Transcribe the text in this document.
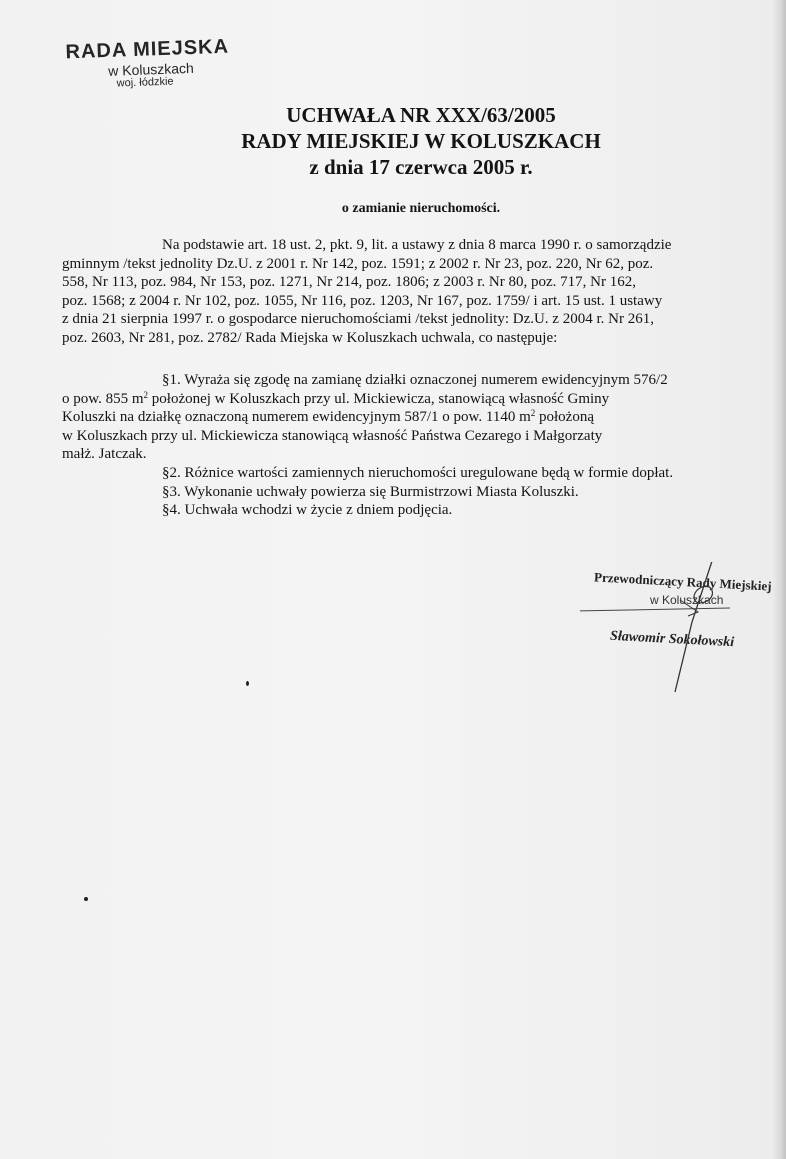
RADA MIEJSKA
w Koluszkach
woj. łódzkie
UCHWAŁA NR XXX/63/2005
RADY MIEJSKIEJ W KOLUSZKACH
z dnia 17 czerwca 2005 r.
o zamianie nieruchomości.
Na podstawie art. 18 ust. 2, pkt. 9, lit. a ustawy z dnia 8 marca 1990 r. o samorządzie
gminnym /tekst jednolity Dz.U. z 2001 r. Nr 142, poz. 1591; z 2002 r. Nr 23, poz. 220, Nr 62, poz.
558, Nr 113, poz. 984, Nr 153, poz. 1271, Nr 214, poz. 1806; z 2003 r. Nr 80, poz. 717, Nr 162,
poz. 1568; z 2004 r. Nr 102, poz. 1055, Nr 116, poz. 1203, Nr 167, poz. 1759/ i art. 15 ust. 1 ustawy
z dnia 21 sierpnia 1997 r. o gospodarce nieruchomościami /tekst jednolity: Dz.U. z 2004 r. Nr 261,
poz. 2603, Nr 281, poz. 2782/ Rada Miejska w Koluszkach uchwala, co następuje:
§1. Wyraża się zgodę na zamianę działki oznaczonej numerem ewidencyjnym 576/2
o pow. 855 $m^2$ położonej w Koluszkach przy ul. Mickiewicza, stanowiącą własność Gminy
Koluszki na działkę oznaczoną numerem ewidencyjnym 587/1 o pow. 1140 $m^2$ położoną
w Koluszkach przy ul. Mickiewicza stanowiącą własność Państwa Cezarego i Małgorzaty
małż. Jatczak.
§2. Różnice wartości zamiennych nieruchomości uregulowane będą w formie dopłat.
§3. Wykonanie uchwały powierza się Burmistrzowi Miasta Koluszki.
§4. Uchwała wchodzi w życie z dniem podjęcia.
Przewodniczący Rady Miejskiej
w Koluszkach
Sławomir Sokołowski
